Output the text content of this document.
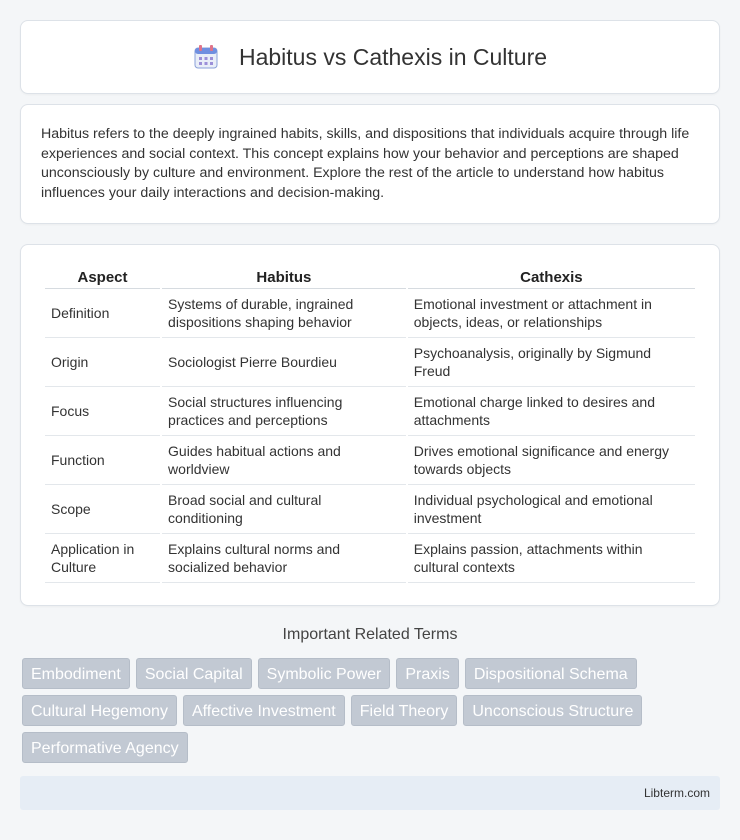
Habitus vs Cathexis in Culture

Habitus refers to the deeply ingrained habits, skills, and dispositions that individuals acquire through life experiences and social context. This concept explains how your behavior and perceptions are shaped unconsciously by culture and environment. Explore the rest of the article to understand how habitus influences your daily interactions and decision-making.

Aspect	Habitus	Cathexis
Definition	Systems of durable, ingrained dispositions shaping behavior	Emotional investment or attachment in objects, ideas, or relationships
Origin	Sociologist Pierre Bourdieu	Psychoanalysis, originally by Sigmund Freud
Focus	Social structures influencing practices and perceptions	Emotional charge linked to desires and attachments
Function	Guides habitual actions and worldview	Drives emotional significance and energy towards objects
Scope	Broad social and cultural conditioning	Individual psychological and emotional investment
Application in Culture	Explains cultural norms and socialized behavior	Explains passion, attachments within cultural contexts
Important Related Terms
Embodiment	Social Capital	Symbolic Power	Praxis	Dispositional Schema
Cultural Hegemony	Affective Investment	Field Theory	Unconscious Structure
Performative Agency
Libterm.com
